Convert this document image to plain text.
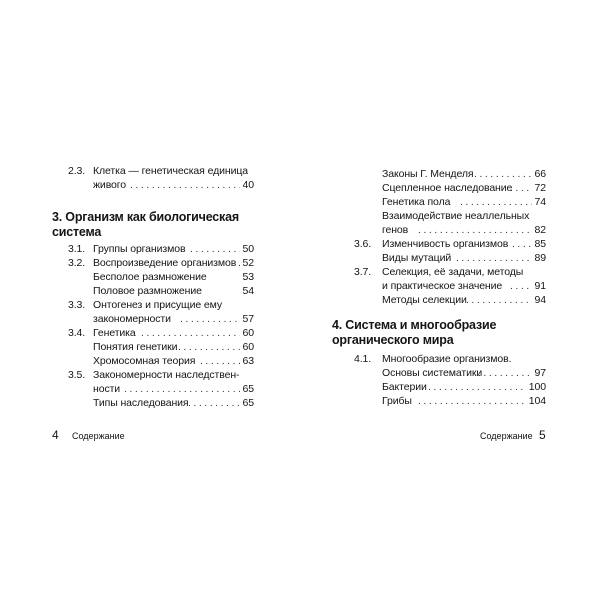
2.3. Клетка — генетическая единица
живого . . .	40
3. Организм как биологическая
система
3.1. Группы организмов . . .	50
3.2. Воспроизведение организмов . . . 52
Бесполое размножение	53
Половое размножение	54
3.3. Онтогенез и присущие ему
закономерности . . .	57
3.4. Генетика . . .	60
Понятия генетики . . .	60
Хромосомная теория . . .	63
3.5. Закономерности наследствен-
ности . . .	65
Типы наследования . . .	65
4 Содержание
Законы Г. Менделя . . .	66
Сцепленное наследование . . . 72
Генетика пола . . .	74
Взаимодействие неаллельных
генов . . .	82
3.6. Изменчивость организмов . . .	85
Виды мутаций . . .	89
3.7. Селекция, её задачи, методы
и практическое значение . . .	91
Методы селекции . . .	94
4. Система и многообразие
органического мира
4.1. Многообразие организмов.
Основы систематики . . .	97
Бактерии . . .	100
Грибы . . .	104
Содержание 5
